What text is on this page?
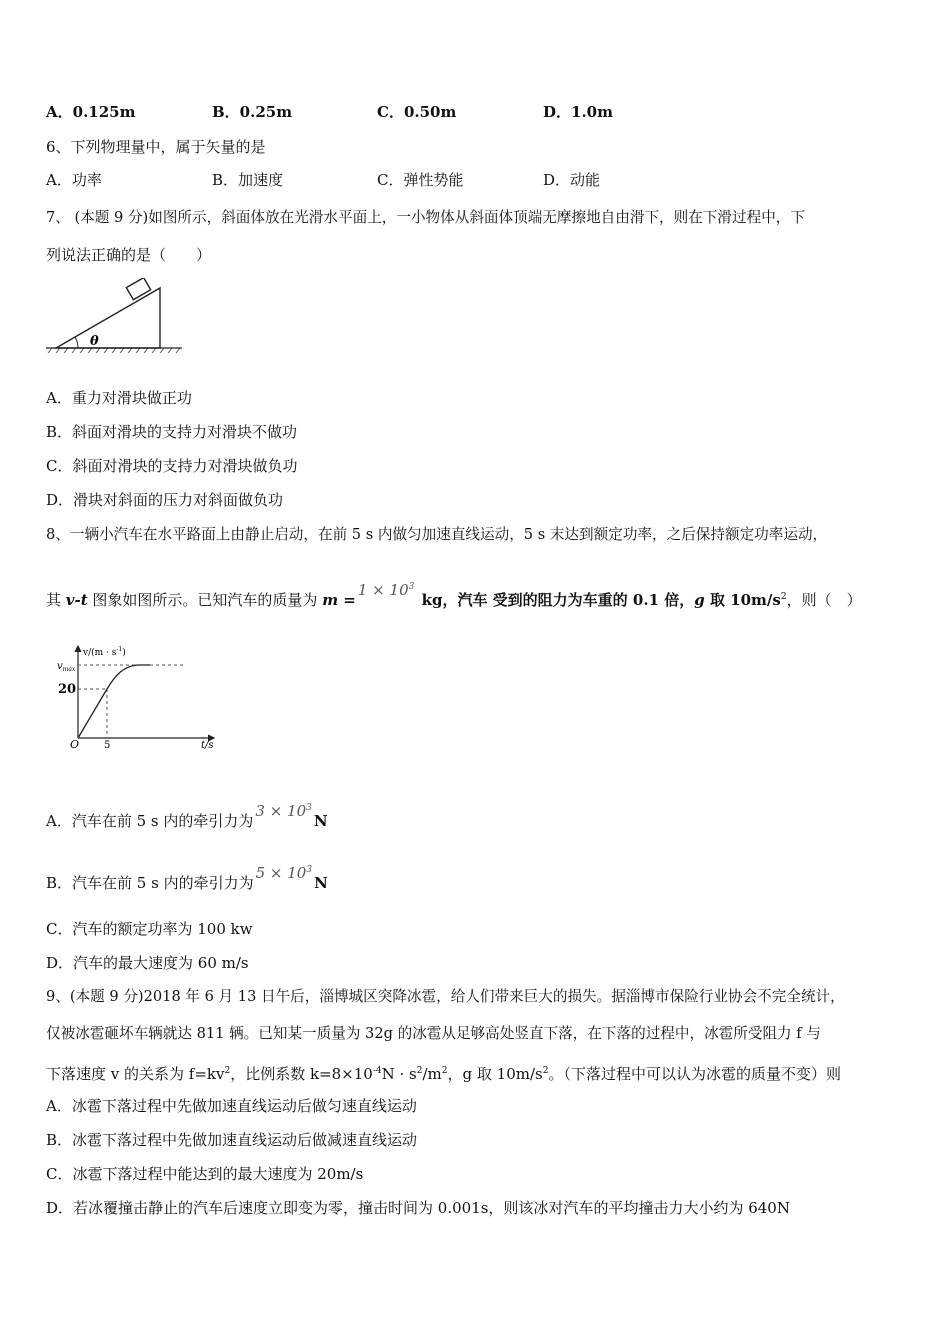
A．0.125m	B．0.25m	C．0.50m	D．1.0m
6、下列物理量中，属于矢量的是
A．功率	B．加速度	C．弹性势能	D．动能
7、 (本题 9 分)如图所示，斜面体放在光滑水平面上，一小物体从斜面体顶端无摩擦地自由滑下，则在下滑过程中，下
列说法正确的是（　　）
θ
A．重力对滑块做正功
B．斜面对滑块的支持力对滑块不做功
C．斜面对滑块的支持力对滑块做负功
D．滑块对斜面的压力对斜面做负功
8、一辆小汽车在水平路面上由静止启动，在前 5 s 内做匀加速直线运动，5 s 末达到额定功率，之后保持额定功率运动，
其 v-t 图象如图所示。已知汽车的质量为 $m =1 \times 10^3$ kg，汽车 受到的阻力为车重的 0.1 倍，g 取 $10m/s^2$，则（　）
$v/(m \cdot s^{-1})$
$v_{max}$
20
O 5	t/s
A．汽车在前 5 s 内的牵引力为$3 \times 10^3N$
B．汽车在前 5 s 内的牵引力为$5 \times 10^3N$
C．汽车的额定功率为 100 kw
D．汽车的最大速度为 60 m/s
9、(本题 9 分)2018 年 6 月 13 日午后，淄博城区突降冰雹，给人们带来巨大的损失。据淄博市保险行业协会不完全统计，
仅被冰雹砸坏车辆就达 811 辆。已知某一质量为 32g 的冰雹从足够高处竖直下落，在下落的过程中，冰雹所受阻力 f 与
下落速度 v 的关系为 $f=kv^2$，比例系数 $k=8\times 10^{-4}N \cdot s^2/m^2$，g 取 $10m/s^2$。（下落过程中可以认为冰雹的质量不变）则
A．冰雹下落过程中先做加速直线运动后做匀速直线运动
B．冰雹下落过程中先做加速直线运动后做减速直线运动
C．冰雹下落过程中能达到的最大速度为 20m/s
D．若冰覆撞击静止的汽车后速度立即变为零，撞击时间为 0.001s，则该冰对汽车的平均撞击力大小约为 640N
